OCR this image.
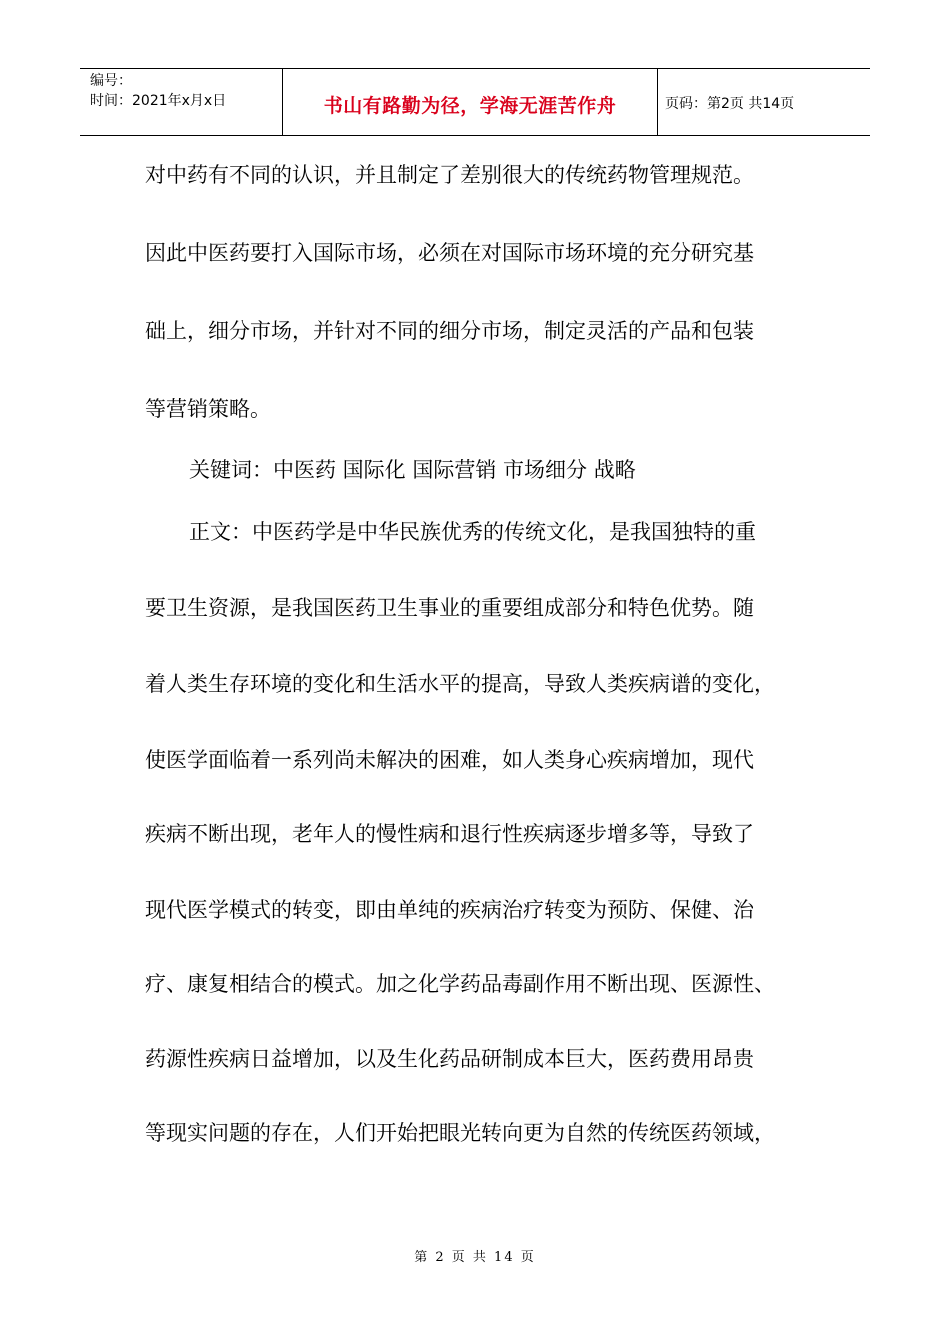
编号：
时间：2021年x月x日	书山有路勤为径，学海无涯苦作舟	页码：第2页 共14页
对中药有不同的认识，并且制定了差别很大的传统药物管理规范。
因此中医药要打入国际市场，必须在对国际市场环境的充分研究基
础上，细分市场，并针对不同的细分市场，制定灵活的产品和包装
等营销策略。
关键词：中医药 国际化 国际营销 市场细分 战略
正文：中医药学是中华民族优秀的传统文化，是我国独特的重
要卫生资源，是我国医药卫生事业的重要组成部分和特色优势。随
着人类生存环境的变化和生活水平的提高，导致人类疾病谱的变化，
使医学面临着一系列尚未解决的困难，如人类身心疾病增加，现代
疾病不断出现，老年人的慢性病和退行性疾病逐步增多等，导致了
现代医学模式的转变，即由单纯的疾病治疗转变为预防、保健、治
疗、康复相结合的模式。加之化学药品毒副作用不断出现、医源性、
药源性疾病日益增加，以及生化药品研制成本巨大，医药费用昂贵
等现实问题的存在，人们开始把眼光转向更为自然的传统医药领域，
第 2 页 共 14 页
